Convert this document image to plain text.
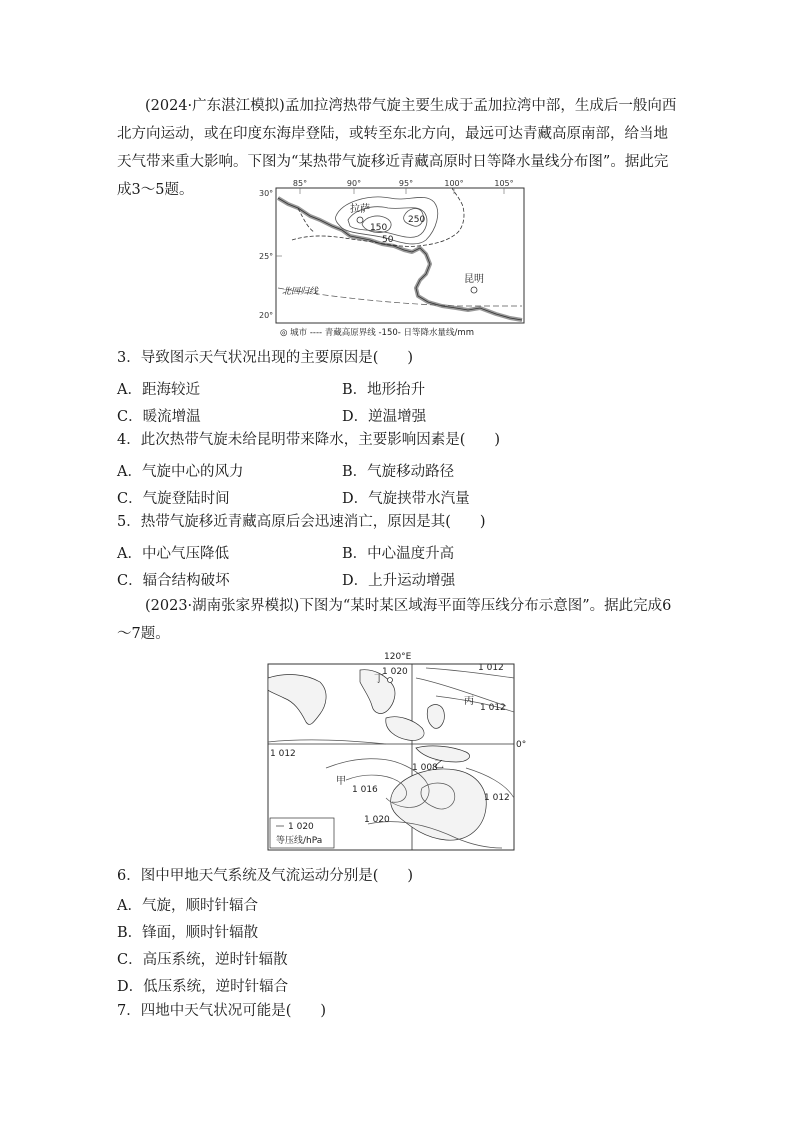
(2024·广东湛江模拟)孟加拉湾热带气旋主要生成于孟加拉湾中部，生成后一般向西北方向运动，或在印度东海岸登陆，或转至东北方向，最远可达青藏高原南部，给当地天气带来重大影响。下图为“某热带气旋移近青藏高原时日等降水量线分布图”。据此完成3～5题。	85°	90°	95°	100°	105°
30°
25°
20°
拉萨
昆明
北回归线
150
50
250
◎ 城市 ---- 青藏高原界线 -150- 日等降水量线/mm
3．导致图示天气状况出现的主要原因是(　　)
A．距海较近	B．地形抬升
C．暖流增温	D．逆温增强
4．此次热带气旋未给昆明带来降水，主要影响因素是(　　)
A．气旋中心的风力	B．气旋移动路径
C．气旋登陆时间	D．气旋挟带水汽量
5．热带气旋移近青藏高原后会迅速消亡，原因是其(　　)
A．中心气压降低	B．中心温度升高
C．辐合结构破坏	D．上升运动增强
(2023·湖南张家界模拟)下图为“某时某区域海平面等压线分布示意图”。据此完成6～7题。
120°E
0°
1 020
丁
1 012
丙
1 012
1 012
甲
1 016
1 008
乙
1 012
1 020
1 020
等压线/hPa
6．图中甲地天气系统及气流运动分别是(　　)
A．气旋，顺时针辐合
B．锋面，顺时针辐散
C．高压系统，逆时针辐散
D．低压系统，逆时针辐合
7．四地中天气状况可能是(　　)
